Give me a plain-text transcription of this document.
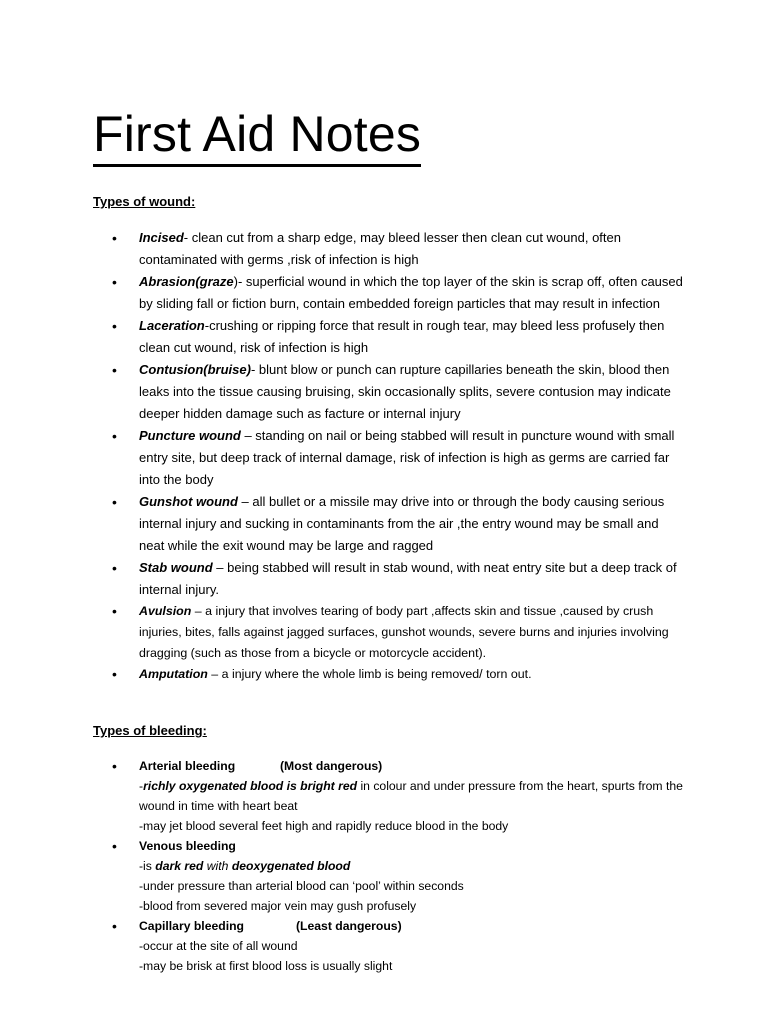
First Aid Notes
Types of wound:
• Incised- clean cut from a sharp edge, may bleed lesser then clean cut wound, often contaminated with germs ,risk of infection is high
• Abrasion(graze)- superficial wound in which the top layer of the skin is scrap off, often caused by sliding fall or fiction burn, contain embedded foreign particles that may result in infection
• Laceration-crushing or ripping force that result in rough tear, may bleed less profusely then clean cut wound, risk of infection is high
• Contusion(bruise)- blunt blow or punch can rupture capillaries beneath the skin, blood then leaks into the tissue causing bruising, skin occasionally splits, severe contusion may indicate deeper hidden damage such as facture or internal injury
• Puncture wound – standing on nail or being stabbed will result in puncture wound with small entry site, but deep track of internal damage, risk of infection is high as germs are carried far into the body
• Gunshot wound – all bullet or a missile may drive into or through the body causing serious internal injury and sucking in contaminants from the air ,the entry wound may be small and neat while the exit wound may be large and ragged
• Stab wound – being stabbed will result in stab wound, with neat entry site but a deep track of internal injury.
• Avulsion – a injury that involves tearing of body part ,affects skin and tissue ,caused by crush injuries, bites, falls against jagged surfaces, gunshot wounds, severe burns and injuries involving dragging (such as those from a bicycle or motorcycle accident).
• Amputation – a injury where the whole limb is being removed/ torn out.
Types of bleeding:
• Arterial bleeding	(Most dangerous)
-richly oxygenated blood is bright red in colour and under pressure from the heart, spurts from the wound in time with heart beat
-may jet blood several feet high and rapidly reduce blood in the body
• Venous bleeding
-is dark red with deoxygenated blood
-under pressure than arterial blood can ‘pool’ within seconds
-blood from severed major vein may gush profusely
• Capillary bleeding	(Least dangerous)
-occur at the site of all wound
-may be brisk at first blood loss is usually slight
